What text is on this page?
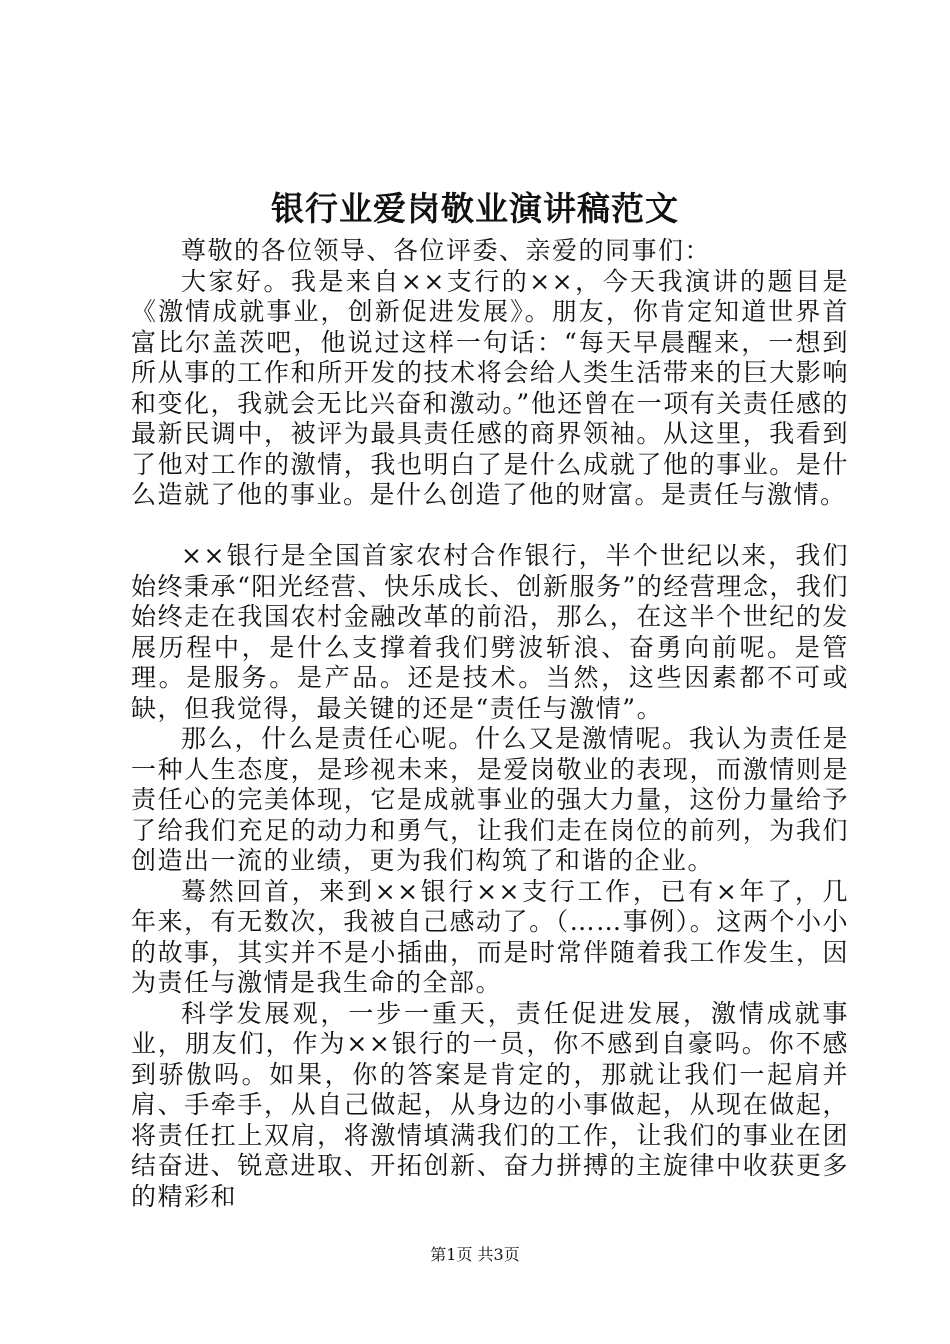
银行业爱岗敬业演讲稿范文

尊敬的各位领导、各位评委、亲爱的同事们：

大家好。我是来自××支行的××，今天我演讲的题目是《激情成就事业，创新促进发展》。朋友，你肯定知道世界首富比尔盖茨吧，他说过这样一句话：“每天早晨醒来，一想到所从事的工作和所开发的技术将会给人类生活带来的巨大影响和变化，我就会无比兴奋和激动。”他还曾在一项有关责任感的最新民调中，被评为最具责任感的商界领袖。从这里，我看到了他对工作的激情，我也明白了是什么成就了他的事业。是什么造就了他的事业。是什么创造了他的财富。是责任与激情。

××银行是全国首家农村合作银行，半个世纪以来，我们始终秉承“阳光经营、快乐成长、创新服务”的经营理念，我们始终走在我国农村金融改革的前沿，那么，在这半个世纪的发展历程中，是什么支撑着我们劈波斩浪、奋勇向前呢。是管理。是服务。是产品。还是技术。当然，这些因素都不可或缺，但我觉得，最关键的还是“责任与激情”。

那么，什么是责任心呢。什么又是激情呢。我认为责任是一种人生态度，是珍视未来，是爱岗敬业的表现，而激情则是责任心的完美体现，它是成就事业的强大力量，这份力量给予了给我们充足的动力和勇气，让我们走在岗位的前列，为我们创造出一流的业绩，更为我们构筑了和谐的企业。

蓦然回首，来到××银行××支行工作，已有×年了，几年来，有无数次，我被自己感动了。（……事例）。这两个小小的故事，其实并不是小插曲，而是时常伴随着我工作发生，因为责任与激情是我生命的全部。

科学发展观，一步一重天，责任促进发展，激情成就事业，朋友们，作为××银行的一员，你不感到自豪吗。你不感到骄傲吗。如果，你的答案是肯定的，那就让我们一起肩并肩、手牵手，从自己做起，从身边的小事做起，从现在做起，将责任扛上双肩，将激情填满我们的工作，让我们的事业在团结奋进、锐意进取、开拓创新、奋力拼搏的主旋律中收获更多的精彩和

第1页 共3页
